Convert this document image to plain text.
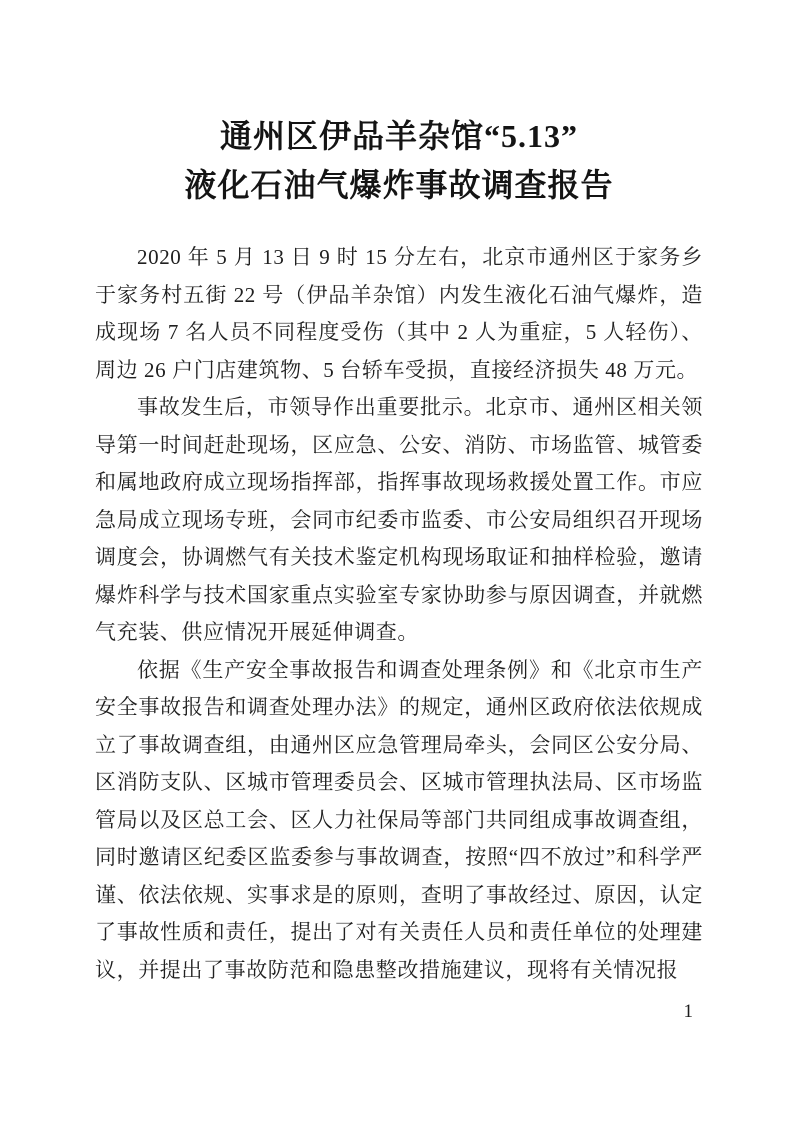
通州区伊品羊杂馆“5.13”
液化石油气爆炸事故调查报告

2020 年 5 月 13 日 9 时 15 分左右，北京市通州区于家务乡于家务村五街 22 号（伊品羊杂馆）内发生液化石油气爆炸，造成现场 7 名人员不同程度受伤（其中 2 人为重症，5 人轻伤）、周边 26 户门店建筑物、5 台轿车受损，直接经济损失 48 万元。

事故发生后，市领导作出重要批示。北京市、通州区相关领导第一时间赶赴现场，区应急、公安、消防、市场监管、城管委和属地政府成立现场指挥部，指挥事故现场救援处置工作。市应急局成立现场专班，会同市纪委市监委、市公安局组织召开现场调度会，协调燃气有关技术鉴定机构现场取证和抽样检验，邀请爆炸科学与技术国家重点实验室专家协助参与原因调查，并就燃气充装、供应情况开展延伸调查。

依据《生产安全事故报告和调查处理条例》和《北京市生产安全事故报告和调查处理办法》的规定，通州区政府依法依规成立了事故调查组，由通州区应急管理局牵头，会同区公安分局、区消防支队、区城市管理委员会、区城市管理执法局、区市场监管局以及区总工会、区人力社保局等部门共同组成事故调查组，同时邀请区纪委区监委参与事故调查，按照“四不放过”和科学严谨、依法依规、实事求是的原则，查明了事故经过、原因，认定了事故性质和责任，提出了对有关责任人员和责任单位的处理建议，并提出了事故防范和隐患整改措施建议，现将有关情况报

1
